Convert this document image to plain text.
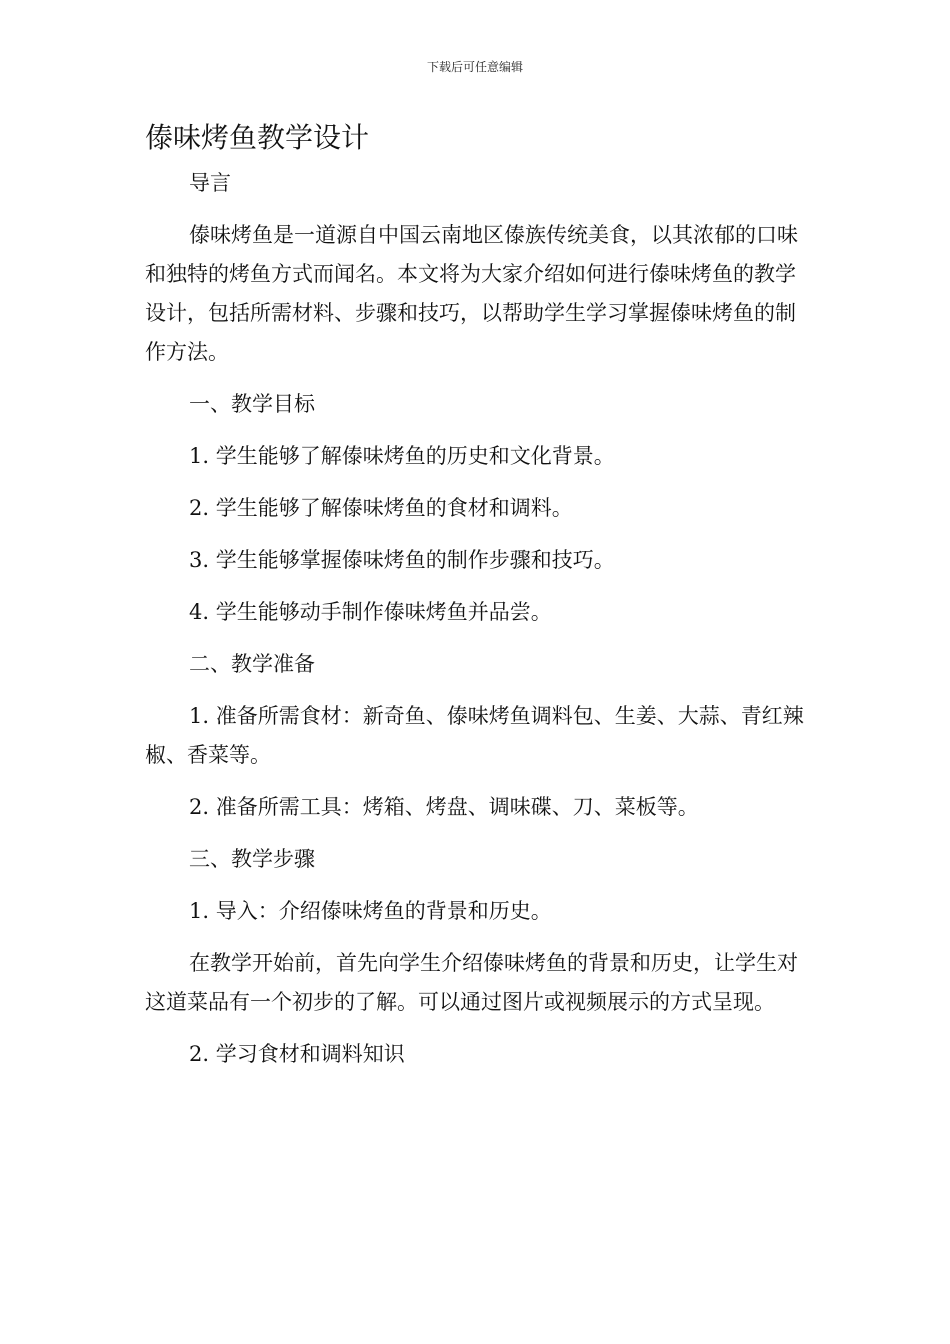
下载后可任意编辑
傣味烤鱼教学设计

导言

傣味烤鱼是一道源自中国云南地区傣族传统美食，以其浓郁的口味和独特的烤鱼方式而闻名。本文将为大家介绍如何进行傣味烤鱼的教学设计，包括所需材料、步骤和技巧，以帮助学生学习掌握傣味烤鱼的制作方法。

一、教学目标

1. 学生能够了解傣味烤鱼的历史和文化背景。

2. 学生能够了解傣味烤鱼的食材和调料。

3. 学生能够掌握傣味烤鱼的制作步骤和技巧。

4. 学生能够动手制作傣味烤鱼并品尝。

二、教学准备

1. 准备所需食材：新奇鱼、傣味烤鱼调料包、生姜、大蒜、青红辣椒、香菜等。

2. 准备所需工具：烤箱、烤盘、调味碟、刀、菜板等。

三、教学步骤

1. 导入：介绍傣味烤鱼的背景和历史。

在教学开始前，首先向学生介绍傣味烤鱼的背景和历史，让学生对这道菜品有一个初步的了解。可以通过图片或视频展示的方式呈现。

2. 学习食材和调料知识
